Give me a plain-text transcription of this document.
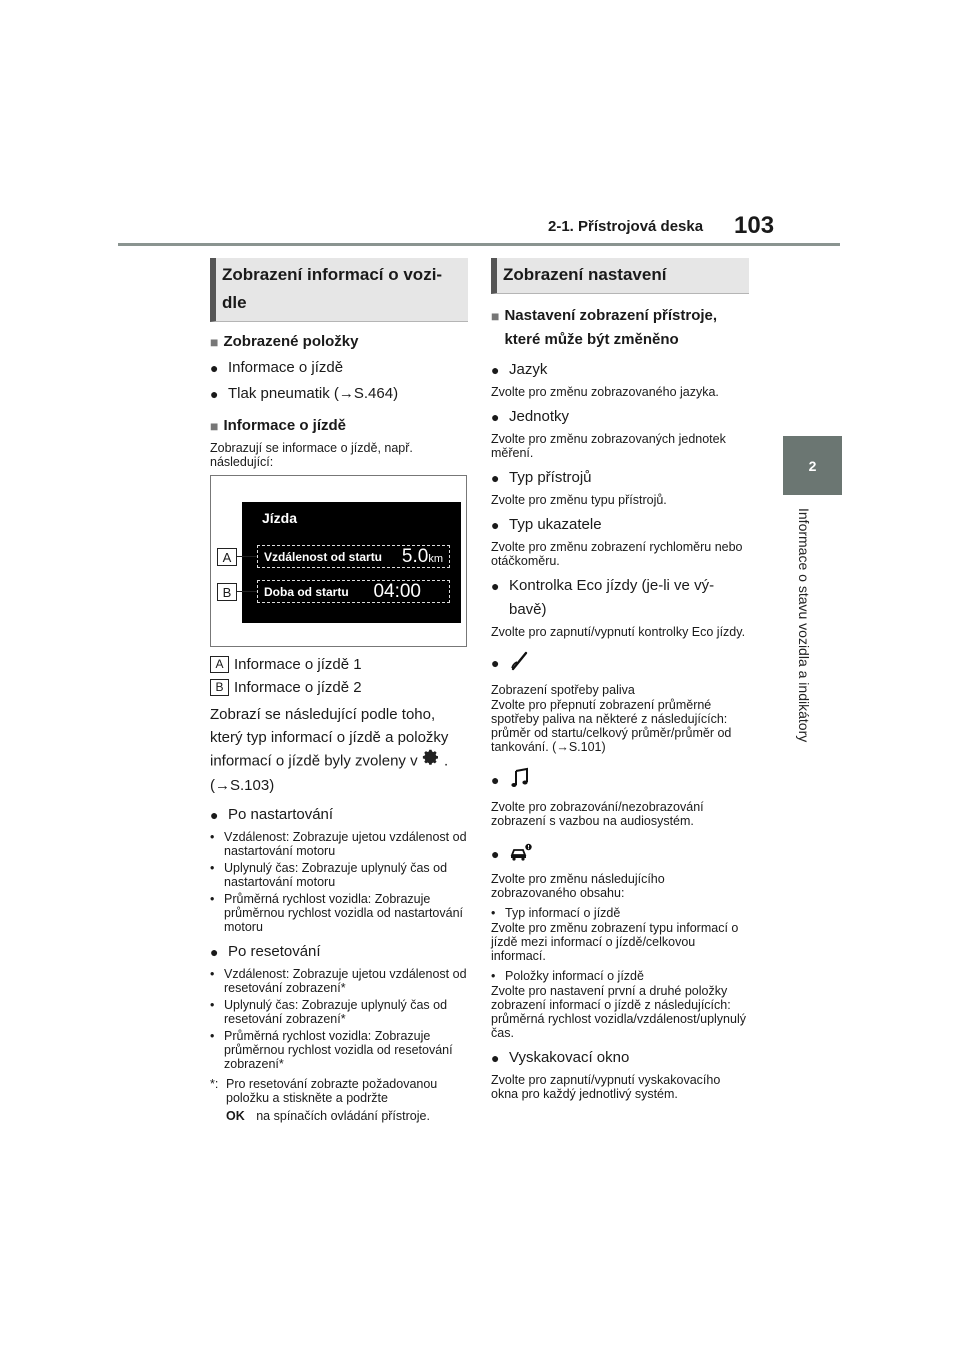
2-1. Přístrojová deska 103
2
Informace o stavu vozidla a indikátory
Zobrazení informací o vozi-
dle
■ Zobrazené položky
● Informace o jízdě
● Tlak pneumatik (→S.464)
■ Informace o jízdě
Zobrazují se informace o jízdě, např. následující:
Jízda
Vzdálenost od startu 5.0km
Doba od startu 04:00
A
B
A Informace o jízdě 1
B Informace o jízdě 2
Zobrazí se následující podle toho,
který typ informací o jízdě a položky
informací o jízdě byly zvoleny v .
(→S.103)
● Po nastartování
• Vzdálenost: Zobrazuje ujetou vzdálenost od nastartování motoru
• Uplynulý čas: Zobrazuje uplynulý čas od nastartování motoru
• Průměrná rychlost vozidla: Zobrazuje průměrnou rychlost vozidla od nastartování motoru
● Po resetování
• Vzdálenost: Zobrazuje ujetou vzdálenost od resetování zobrazení*
• Uplynulý čas: Zobrazuje uplynulý čas od resetování zobrazení*
• Průměrná rychlost vozidla: Zobrazuje průměrnou rychlost vozidla od resetování zobrazení*
*: Pro resetování zobrazte požadovanou položku a stiskněte a podržte
OK na spínačích ovládání přístroje.
Zobrazení nastavení
■ Nastavení zobrazení přístroje,
které může být změněno
● Jazyk
Zvolte pro změnu zobrazovaného jazyka.
● Jednotky
Zvolte pro změnu zobrazovaných jednotek měření.
● Typ přístrojů
Zvolte pro změnu typu přístrojů.
● Typ ukazatele
Zvolte pro změnu zobrazení rychloměru nebo otáčkoměru.
● Kontrolka Eco jízdy (je-li ve vý-
bavě)
Zvolte pro zapnutí/vypnutí kontrolky Eco jízdy.
●
Zobrazení spotřeby paliva
Zvolte pro přepnutí zobrazení průměrné spotřeby paliva na některé z následujících: průměr od startu/celkový průměr/průměr od tankování. (→S.101)
●
Zvolte pro zobrazování/nezobrazování zobrazení s vazbou na audiosystém.
●
Zvolte pro změnu následujícího zobrazovaného obsahu:
• Typ informací o jízdě
Zvolte pro změnu zobrazení typu informací o jízdě mezi informací o jízdě/celkovou informací.
• Položky informací o jízdě
Zvolte pro nastavení první a druhé položky zobrazení informací o jízdě z následujících: průměrná rychlost vozidla/vzdálenost/uplynulý čas.
● Vyskakovací okno
Zvolte pro zapnutí/vypnutí vyskakovacího okna pro každý jednotlivý systém.
